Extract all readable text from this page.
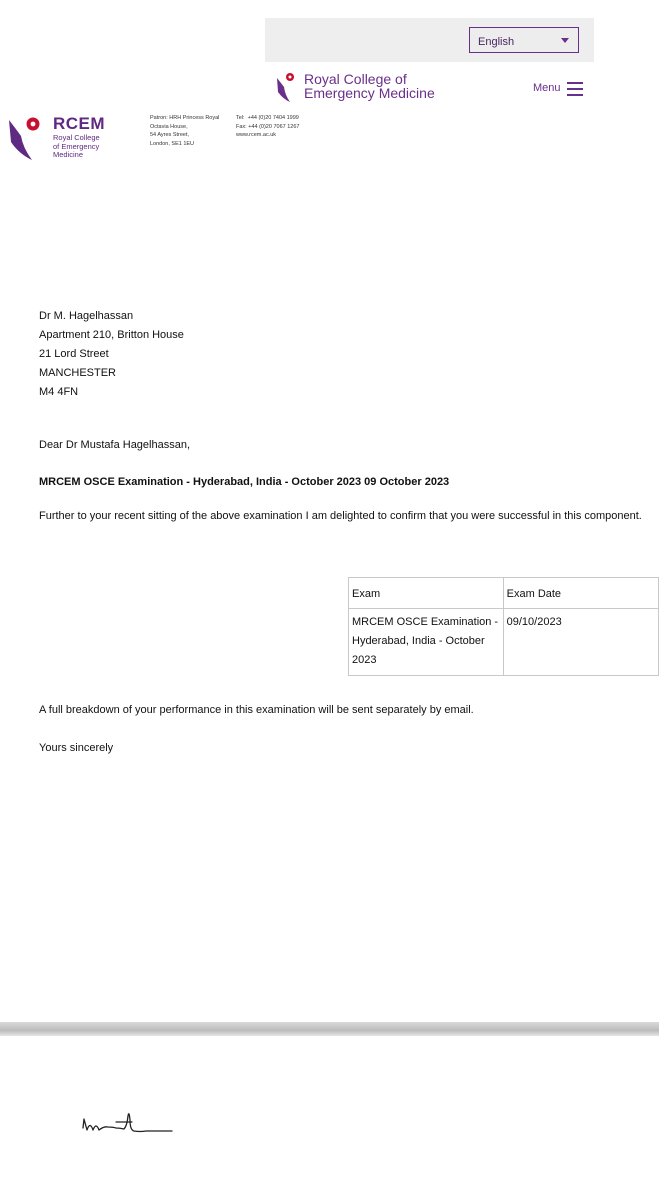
English
Royal College of
Emergency Medicine	Menu
RCEM
Royal College
of Emergency
Medicine
Patron: HRH Princess Royal
Octavia House,
54 Ayres Street,
London, SE1 1EU
Tel:  +44 (0)20 7404 1999
Fax: +44 (0)20 7067 1267
www.rcem.ac.uk
Dr M. Hagelhassan
Apartment 210, Britton House
21 Lord Street
MANCHESTER
M4 4FN
Dear Dr Mustafa Hagelhassan,
MRCEM OSCE Examination - Hyderabad, India - October 2023 09 October 2023
Further to your recent sitting of the above examination I am delighted to confirm that you were successful in this component.
Exam	Exam Date

MRCEM OSCE Examination -
Hyderabad, India - October
2023	09/10/2023
A full breakdown of your performance in this examination will be sent separately by email.
Yours sincerely
